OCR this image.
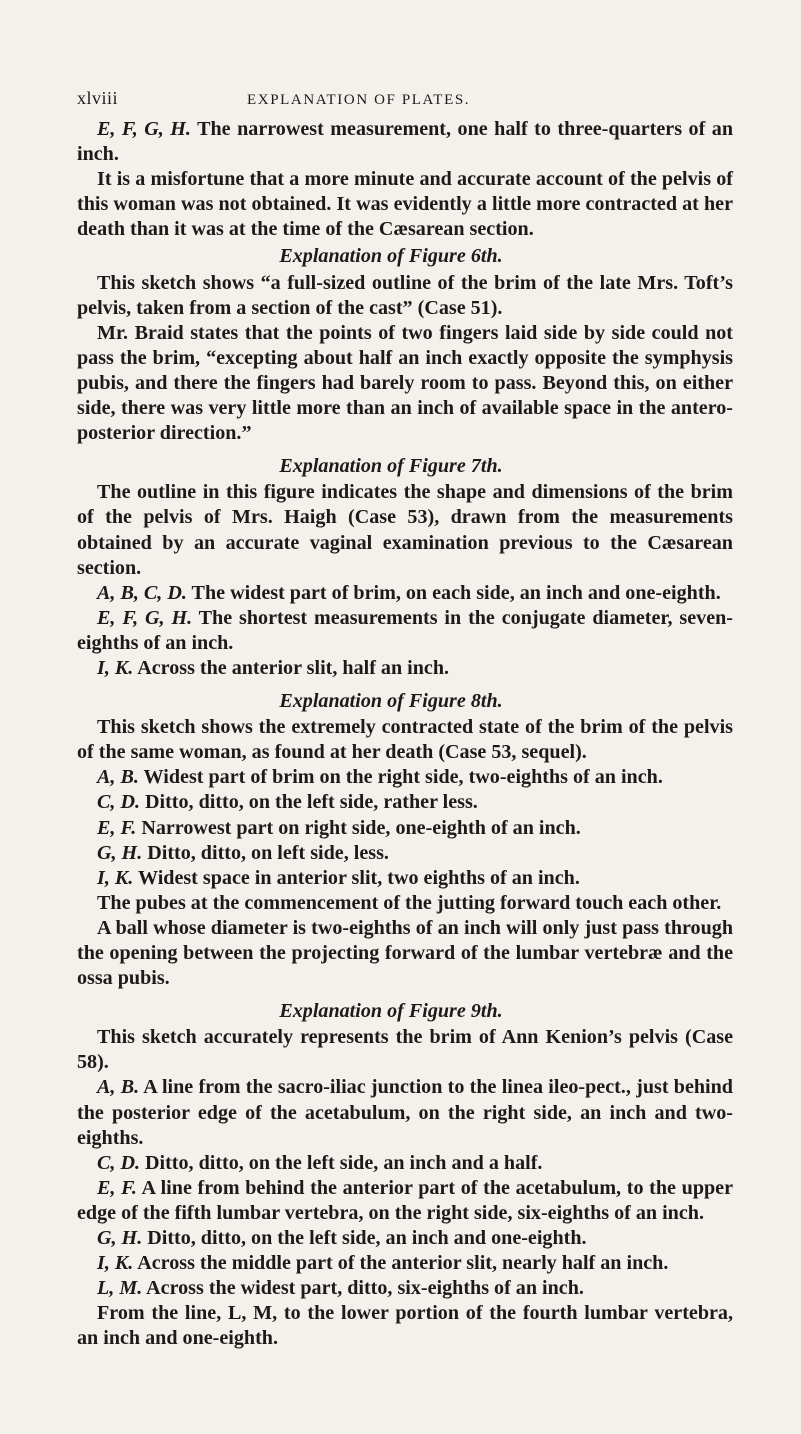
xlviii	EXPLANATION OF PLATES.

E, F, G, H. The narrowest measurement, one half to three-quarters of an inch.

It is a misfortune that a more minute and accurate account of the pelvis of this woman was not obtained. It was evidently a little more contracted at her death than it was at the time of the Cæsarean section.

Explanation of Figure 6th.

This sketch shows “a full-sized outline of the brim of the late Mrs. Toft’s pelvis, taken from a section of the cast” (Case 51).

Mr. Braid states that the points of two fingers laid side by side could not pass the brim, “excepting about half an inch exactly opposite the symphysis pubis, and there the fingers had barely room to pass. Beyond this, on either side, there was very little more than an inch of available space in the antero-posterior direction.”

Explanation of Figure 7th.

The outline in this figure indicates the shape and dimensions of the brim of the pelvis of Mrs. Haigh (Case 53), drawn from the measurements obtained by an accurate vaginal examination previous to the Cæsarean section.

A, B, C, D. The widest part of brim, on each side, an inch and one-eighth.

E, F, G, H. The shortest measurements in the conjugate diameter, seven-eighths of an inch.

I, K. Across the anterior slit, half an inch.

Explanation of Figure 8th.

This sketch shows the extremely contracted state of the brim of the pelvis of the same woman, as found at her death (Case 53, sequel).

A, B. Widest part of brim on the right side, two-eighths of an inch.

C, D. Ditto, ditto, on the left side, rather less.

E, F. Narrowest part on right side, one-eighth of an inch.

G, H. Ditto, ditto, on left side, less.

I, K. Widest space in anterior slit, two eighths of an inch.

The pubes at the commencement of the jutting forward touch each other.

A ball whose diameter is two-eighths of an inch will only just pass through the opening between the projecting forward of the lumbar vertebræ and the ossa pubis.

Explanation of Figure 9th.

This sketch accurately represents the brim of Ann Kenion’s pelvis (Case 58).

A, B. A line from the sacro-iliac junction to the linea ileo-pect., just behind the posterior edge of the acetabulum, on the right side, an inch and two-eighths.

C, D. Ditto, ditto, on the left side, an inch and a half.

E, F. A line from behind the anterior part of the acetabulum, to the upper edge of the fifth lumbar vertebra, on the right side, six-eighths of an inch.

G, H. Ditto, ditto, on the left side, an inch and one-eighth.

I, K. Across the middle part of the anterior slit, nearly half an inch.

L, M. Across the widest part, ditto, six-eighths of an inch.

From the line, L, M, to the lower portion of the fourth lumbar vertebra, an inch and one-eighth.
